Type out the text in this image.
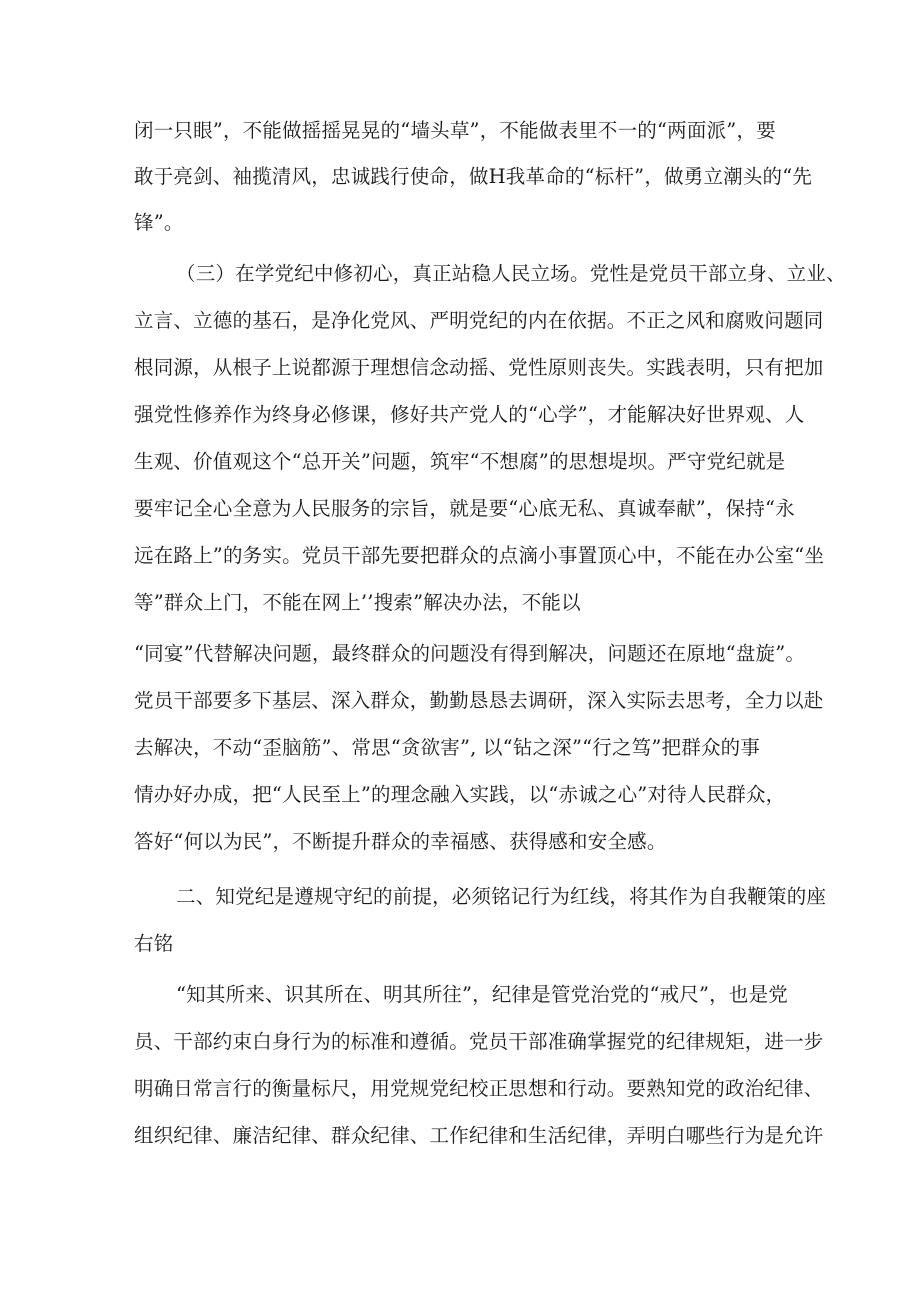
闭一只眼”，不能做摇摇晃晃的“墙头草”，不能做表里不一的“两面派”，要
敢于亮剑、袖揽清风，忠诚践行使命，做H我革命的“标杆”，做勇立潮头的“先
锋”。
（三）在学党纪中修初心，真正站稳人民立场。党性是党员干部立身、立业、
立言、立德的基石，是净化党风、严明党纪的内在依据。不正之风和腐败问题同
根同源，从根子上说都源于理想信念动摇、党性原则丧失。实践表明，只有把加
强党性修养作为终身必修课，修好共产党人的“心学”，才能解决好世界观、人
生观、价值观这个“总开关”问题，筑牢“不想腐”的思想堤坝。严守党纪就是
要牢记全心全意为人民服务的宗旨，就是要“心底无私、真诚奉献”，保持“永
远在路上”的务实。党员干部先要把群众的点滴小事置顶心中，不能在办公室“坐
等”群众上门，不能在网上’’搜索”解决办法，不能以
“同宴”代替解决问题，最终群众的问题没有得到解决，问题还在原地“盘旋”。
党员干部要多下基层、深入群众，勤勤恳恳去调研，深入实际去思考，全力以赴
去解决，不动“歪脑筋”、常思“贪欲害”, 以“钻之深”“行之笃”把群众的事
情办好办成，把“人民至上”的理念融入实践，以“赤诚之心”对待人民群众，
答好“何以为民”，不断提升群众的幸福感、获得感和安全感。
二、知党纪是遵规守纪的前提，必须铭记行为红线，将其作为自我鞭策的座
右铭
“知其所来、识其所在、明其所往”，纪律是管党治党的“戒尺”，也是党
员、干部约束白身行为的标准和遵循。党员干部准确掌握党的纪律规矩，进一步
明确日常言行的衡量标尺，用党规党纪校正思想和行动。要熟知党的政治纪律、
组织纪律、廉洁纪律、群众纪律、工作纪律和生活纪律，弄明白哪些行为是允许
